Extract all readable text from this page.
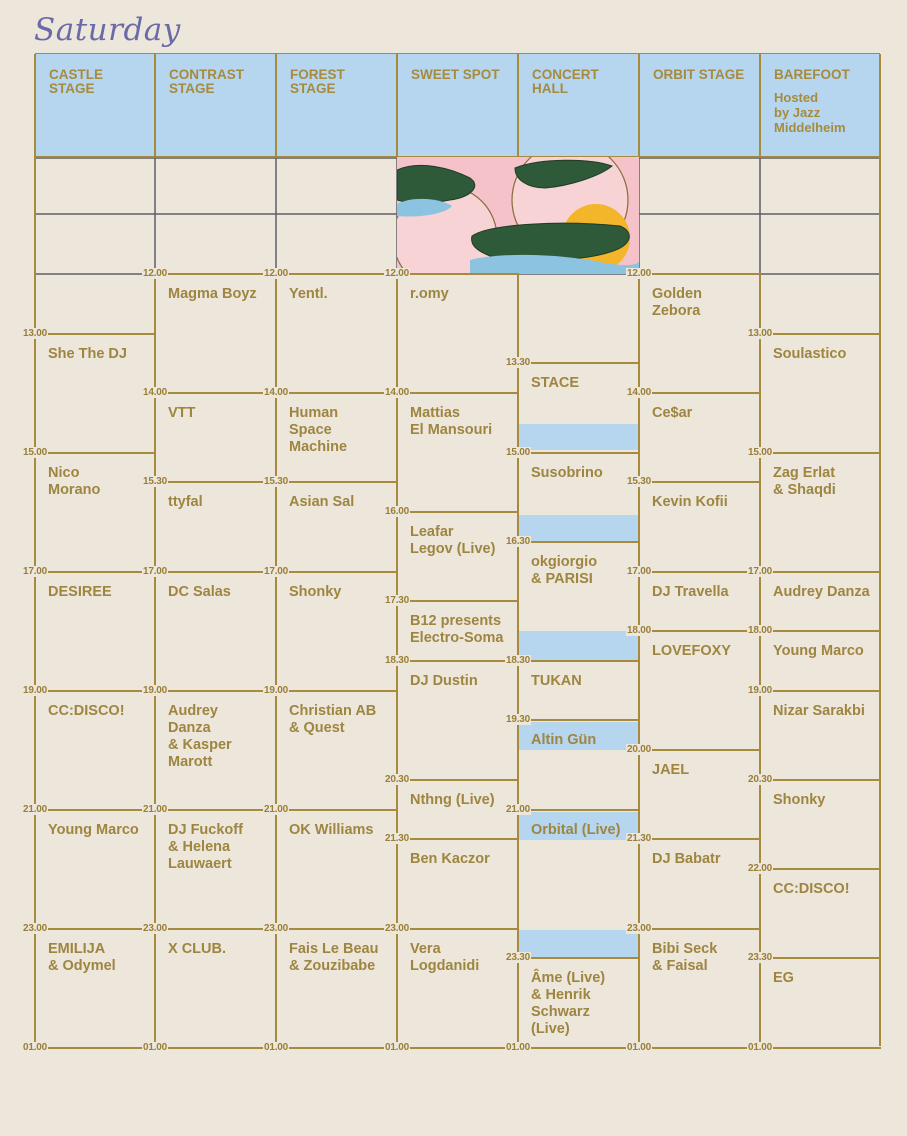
Saturday
CASTLE
STAGE
CONTRAST
STAGE
FOREST
STAGE
SWEET SPOT	CONCERT
HALL
ORBIT STAGE	BAREFOOT
Hosted
by Jazz
Middelheim
13.00
She The DJ
15.00
Nico
Morano
17.00
DESIREE
19.00
CC:DISCO!
21.00
Young Marco
23.00
EMILIJA
& Odymel
01.00
12.00
Magma Boyz
14.00
VTT
15.30
ttyfal
17.00
DC Salas
19.00
Audrey
Danza
& Kasper
Marott
21.00
DJ Fuckoff
& Helena
Lauwaert
23.00
X CLUB.
01.00
12.00
Yentl.
14.00
Human
Space
Machine
15.30
Asian Sal
17.00
Shonky
19.00
Christian AB
& Quest
21.00
OK Williams
23.00
Fais Le Beau
& Zouzibabe
01.00
12.00
r.omy
14.00
Mattias
El Mansouri
16.00
Leafar
Legov (Live)
17.30
B12 presents
Electro-Soma
18.30
DJ Dustin
20.30
Nthng (Live)
21.30
Ben Kaczor
23.00
Vera
Logdanidi
01.00
13.30
STACE
15.00
Susobrino
16.30
okgiorgio
& PARISI
18.30
TUKAN
19.30
Altin Gün
21.00
Orbital (Live)
23.30
Âme (Live)
& Henrik
Schwarz
(Live)
01.00
12.00
Golden
Zebora
14.00
Ce$ar
15.30
Kevin Kofii
17.00
DJ Travella
18.00
LOVEFOXY
20.00
JAEL
21.30
DJ Babatr
23.00
Bibi Seck
& Faisal
01.00
13.00
Soulastico
15.00
Zag Erlat
& Shaqdi
17.00
Audrey Danza
18.00
Young Marco
19.00
Nizar Sarakbi
20.30
Shonky
22.00
CC:DISCO!
23.30
EG
01.00
